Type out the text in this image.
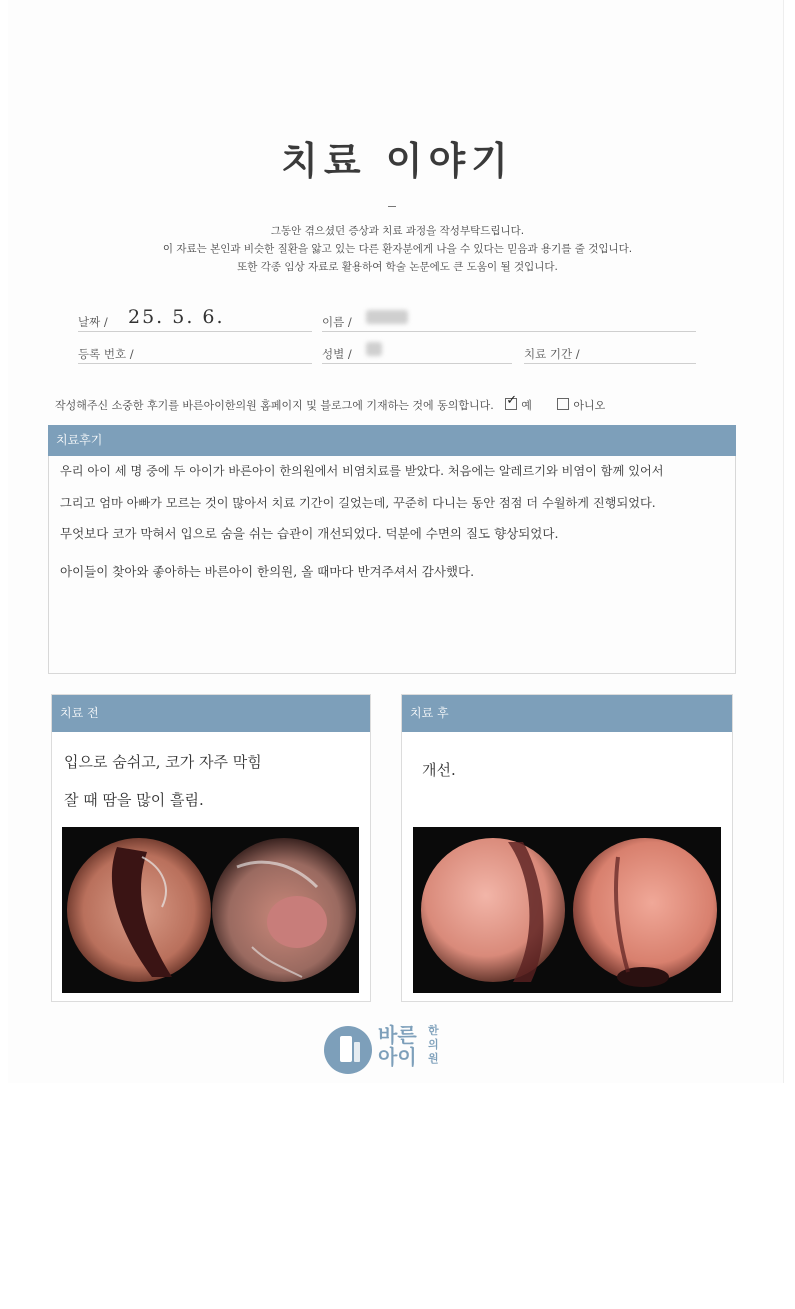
치료 이야기
그동안 겪으셨던 증상과 치료 과정을 작성부탁드립니다.
이 자료는 본인과 비슷한 질환을 앓고 있는 다른 환자분에게 나을 수 있다는 믿음과 용기를 줄 것입니다.
또한 각종 임상 자료로 활용하여 학술 논문에도 큰 도움이 될 것입니다.
날짜 / 25. 5. 6.	이름 /
등록 번호 /	성별 /	치료 기간 /
작성해주신 소중한 후기를 바른아이한의원 홈페이지 및 블로그에 기재하는 것에 동의합니다. ✓	예	아니오
치료후기
우리 아이 세 명 중에 두 아이가 바른아이 한의원에서 비염치료를 받았다. 처음에는 알레르기와 비염이 함께 있어서
그리고 엄마 아빠가 모르는 것이 많아서 치료 기간이 길었는데, 꾸준히 다니는 동안 점점 더 수월하게 진행되었다.
무엇보다 코가 막혀서 입으로 숨을 쉬는 습관이 개선되었다. 덕분에 수면의 질도 향상되었다.
아이들이 찾아와 좋아하는 바른아이 한의원, 올 때마다 반겨주셔서 감사했다.
치료 전
입으로 숨쉬고, 코가 자주 막힘
잘 때 땀을 많이 흘림.
치료 후
개선.
바른
아이
한의원
